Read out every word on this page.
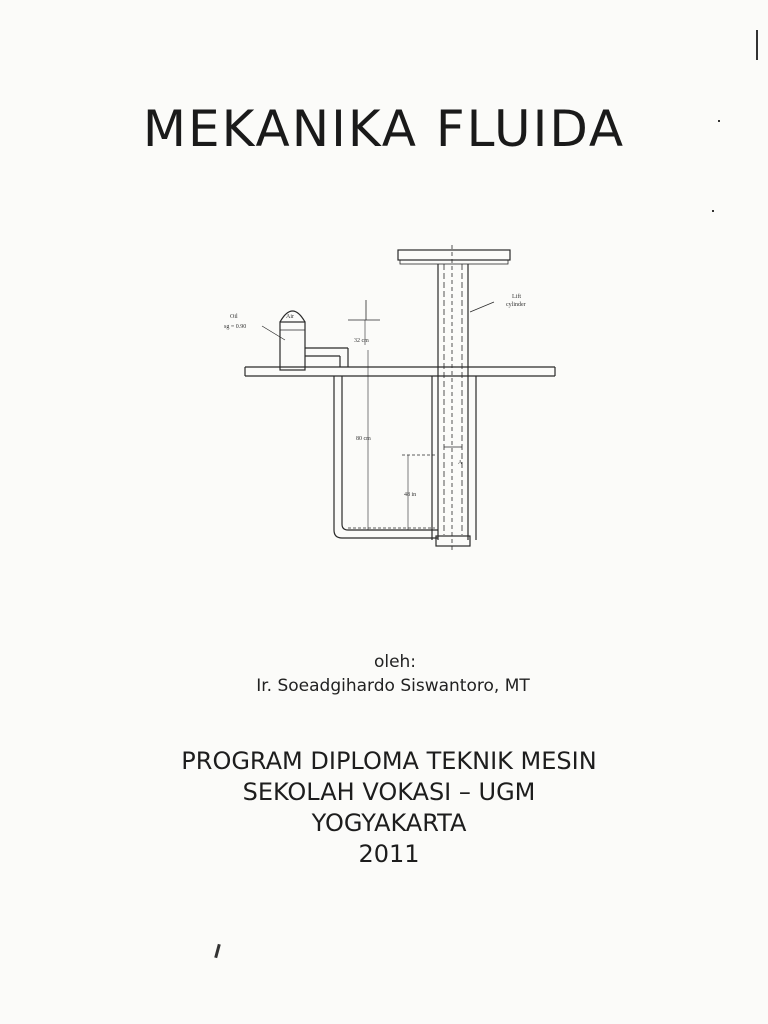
MEKANIKA FLUIDA
Oil
sg = 0.90
Air
Lift
cylinder
32 cm
80 cm
48 in
A
oleh:
Ir. Soeadgihardo Siswantoro, MT
PROGRAM DIPLOMA TEKNIK MESIN
SEKOLAH VOKASI – UGM
YOGYAKARTA
2011
